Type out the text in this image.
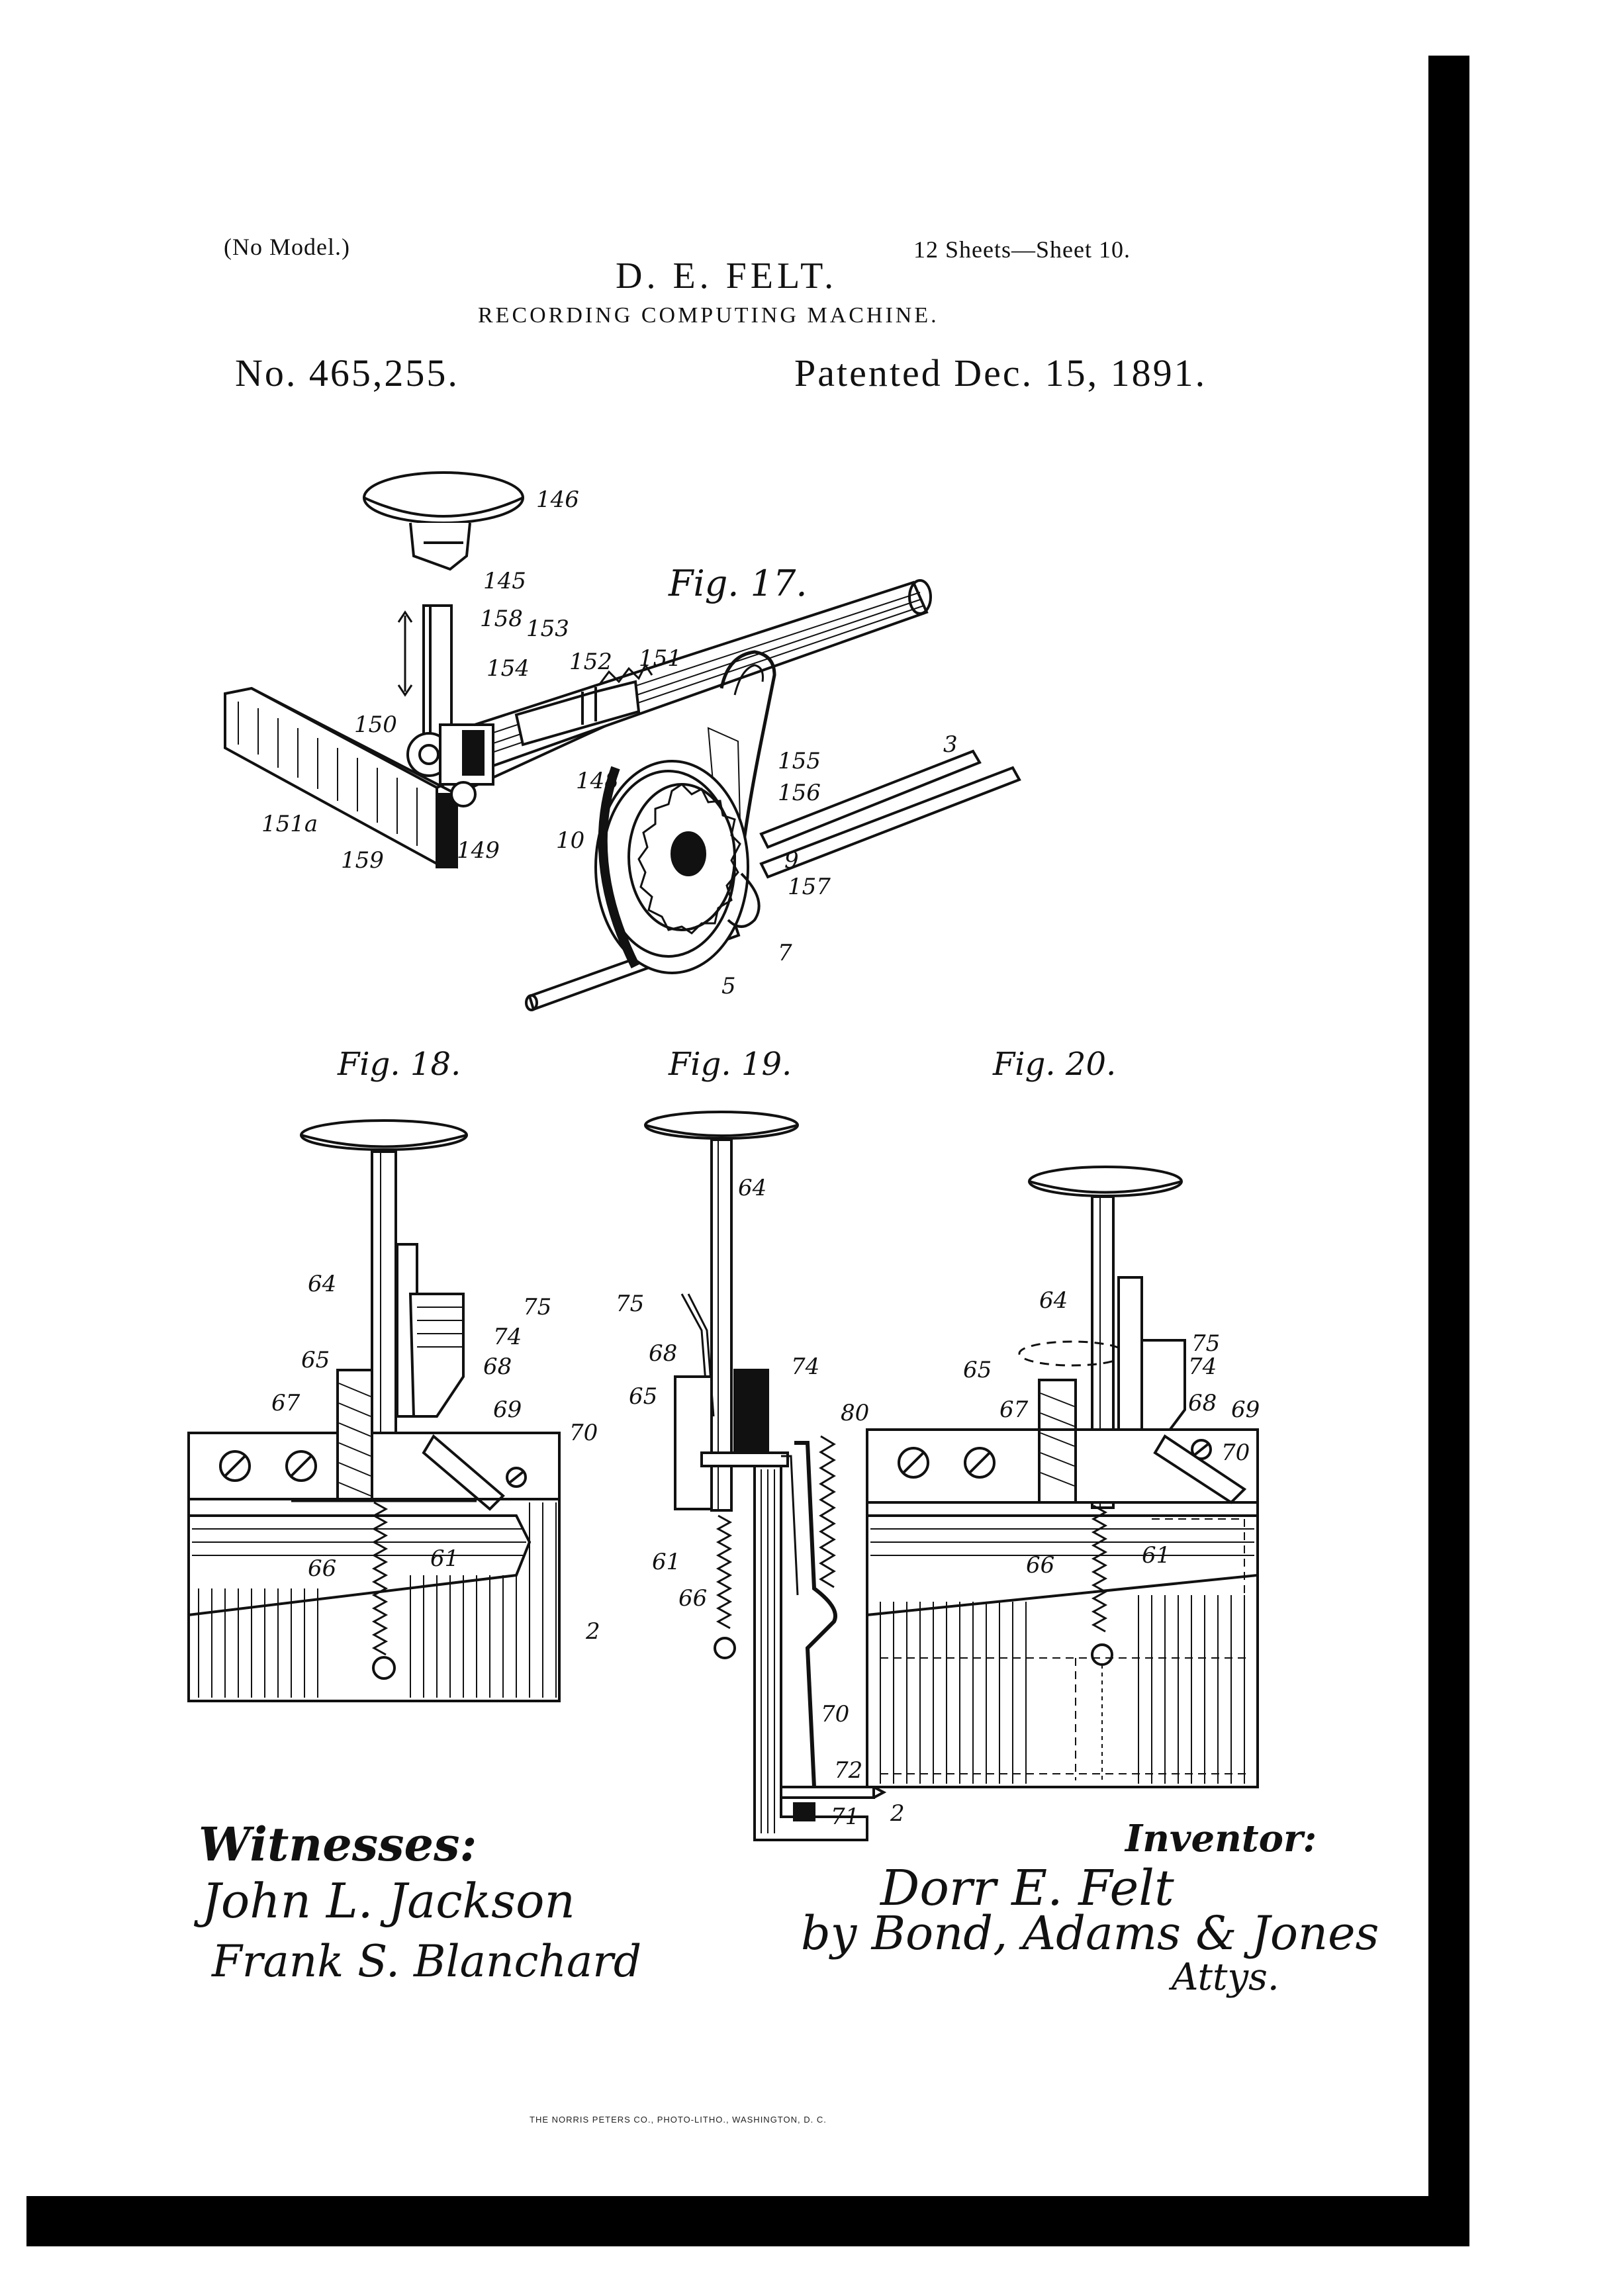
(No Model.)	12 Sheets—Sheet 10.
D. E. FELT.
RECORDING COMPUTING MACHINE.
No. 465,255.	Patented Dec. 15, 1891.
Fig. 17.
146
145
158 153
154 152 151
150
148
155
156
3
151a
159	149	10
9
157
7
5
Fig. 18.
64
75
74
68
65
67	69
70
66	61
2
Fig. 19.
64
75
68	74
65
80
61
66
70
72
71
Fig. 20.
64
75
65	74
67	68 69
70
66	61
2
Witnesses:
John L. Jackson
Frank S. Blanchard
Inventor:
Dorr E. Felt
by Bond, Adams & Jones
Attys.
THE NORRIS PETERS CO., PHOTO-LITHO., WASHINGTON, D. C.
